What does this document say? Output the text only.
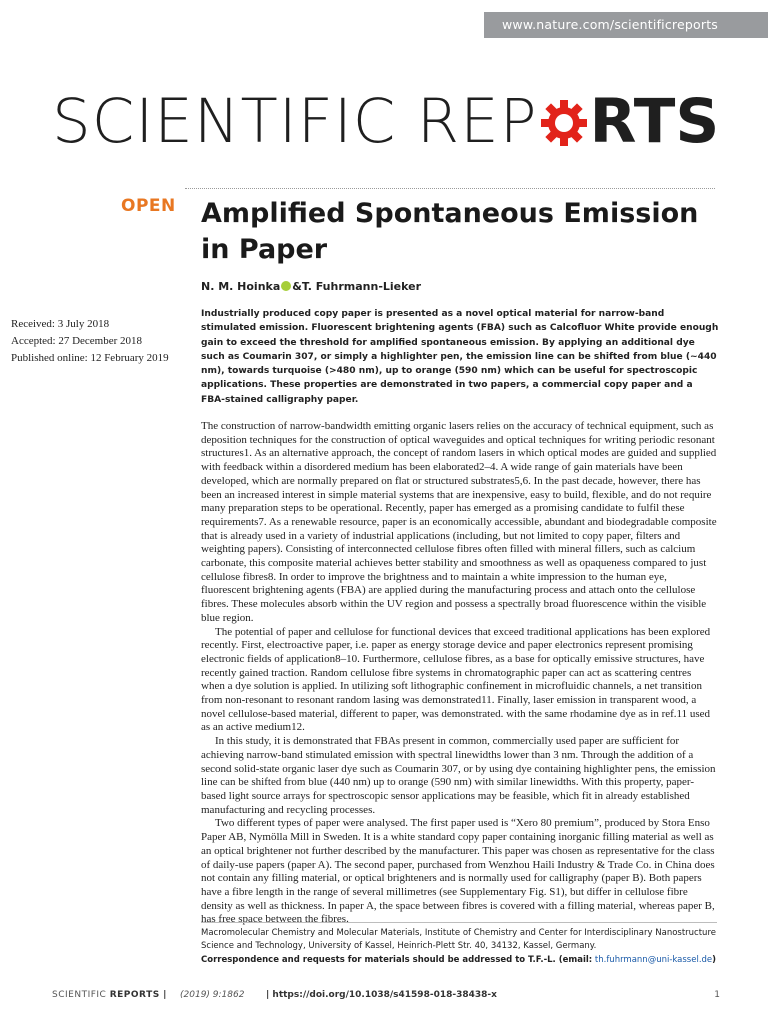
www.nature.com/scientificreports
SCIENTIFIC REP RTS
OPEN Amplified Spontaneous Emission in Paper
N. M. Hoinka &T. Fuhrmann-Lieker
Received: 3 July 2018
Accepted: 27 December 2018
Published online: 12 February 2019

Industrially produced copy paper is presented as a novel optical material for narrow-band stimulated emission. Fluorescent brightening agents (FBA) such as Calcofluor White provide enough gain to exceed the threshold for amplified spontaneous emission. By applying an additional dye such as Coumarin 307, or simply a highlighter pen, the emission line can be shifted from blue (~440 nm), towards turquoise (>480 nm), up to orange (590 nm) which can be useful for spectroscopic applications. These properties are demonstrated in two papers, a commercial copy paper and a FBA-stained calligraphy paper.

The construction of narrow-bandwidth emitting organic lasers relies on the accuracy of technical equipment, such as deposition techniques for the construction of optical waveguides and optical techniques for writing periodic resonant structures1. As an alternative approach, the concept of random lasers in which optical modes are guided and supplied with feedback within a disordered medium has been elaborated2–4. A wide range of gain materials have been developed, which are normally prepared on flat or structured substrates5,6. In the past decade, however, there has been an increased interest in simple material systems that are inexpensive, easy to build, flexible, and do not require many preparation steps to be operational. Recently, paper has emerged as a promising candidate to fulfil these requirements7. As a renewable resource, paper is an economically accessible, abundant and biodegradable composite that is already used in a variety of industrial applications (including, but not limited to copy paper, filters and weighting papers). Consisting of interconnected cellulose fibres often filled with mineral fillers, such as calcium carbonate, this composite material achieves better stability and smoothness as well as opaqueness compared to just cellulose fibres8. In order to improve the brightness and to maintain a white impression to the human eye, fluorescent brightening agents (FBA) are applied during the manufacturing process and attach onto the cellulose fibres. These molecules absorb within the UV region and possess a spectrally broad fluorescence within the visible blue region.

The potential of paper and cellulose for functional devices that exceed traditional applications has been explored recently. First, electroactive paper, i.e. paper as energy storage device and paper electronics represent promising electronic fields of application8–10. Furthermore, cellulose fibres, as a base for optically emissive structures, have recently gained traction. Random cellulose fibre systems in chromatographic paper can act as scattering centres when a dye solution is applied. In utilizing soft lithographic confinement in microfluidic channels, a net transition from non-resonant to resonant random lasing was demonstrated11. Finally, laser emission in transparent wood, a novel cellulose-based material, different to paper, was demonstrated. with the same rhodamine dye as in ref.11 used as an active medium12.

In this study, it is demonstrated that FBAs present in common, commercially used paper are sufficient for achieving narrow-band stimulated emission with spectral linewidths lower than 3 nm. Through the addition of a second solid-state organic laser dye such as Coumarin 307, or by using dye containing highlighter pens, the emission line can be shifted from blue (440 nm) up to orange (590 nm) with similar linewidths. With this property, paper-based light source arrays for spectroscopic sensor applications may be feasible, which fit in already established manufacturing and recycling processes.

Two different types of paper were analysed. The first paper used is “Xero 80 premium”, produced by Stora Enso Paper AB, Nymölla Mill in Sweden. It is a white standard copy paper containing inorganic filling material as well as an optical brightener not further described by the manufacturer. This paper was chosen as representative for the class of daily-use papers (paper A). The second paper, purchased from Wenzhou Haili Industry & Trade Co. in China does not contain any filling material, or optical brighteners and is normally used for calligraphy (paper B). Both papers have a fibre length in the range of several millimetres (see Supplementary Fig. S1), but differ in cellulose fibre density as well as thickness. In paper A, the space between fibres is covered with a filling material, whereas paper B, has free space between the fibres.

Macromolecular Chemistry and Molecular Materials, Institute of Chemistry and Center for Interdisciplinary Nanostructure Science and Technology, University of Kassel, Heinrich-Plett Str. 40, 34132, Kassel, Germany.
Correspondence and requests for materials should be addressed to T.F.-L. (email: th.fuhrmann@uni-kassel.de)
SCIENTIFIC REPORTS | (2019) 9:1862 | https://doi.org/10.1038/s41598-018-38438-x	1
